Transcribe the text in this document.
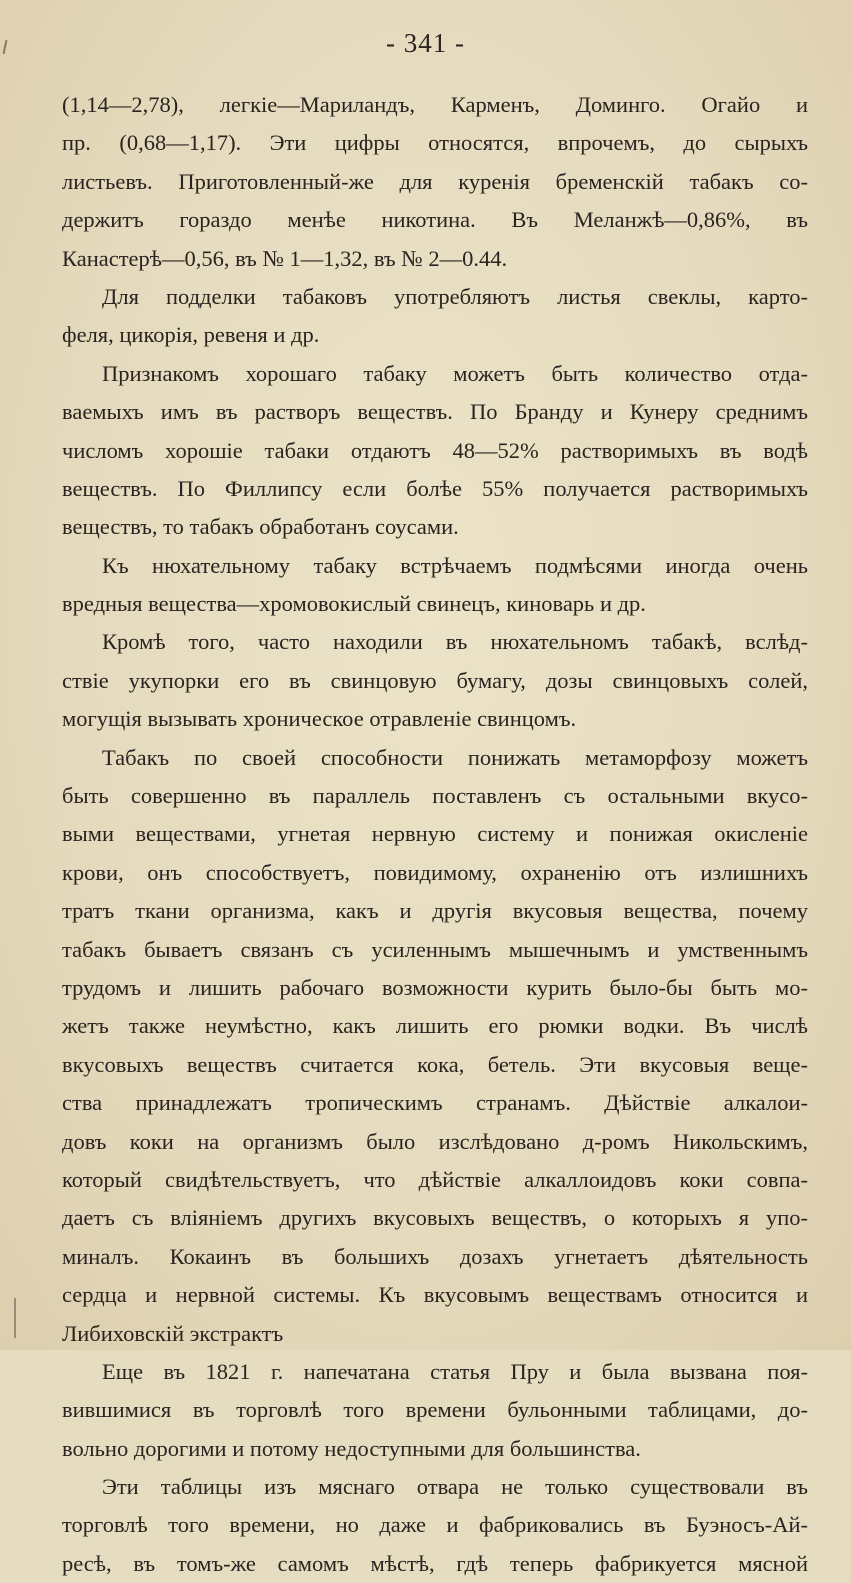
- 341 -
(1,14—2,78), легкіе—Мариландъ, Карменъ, Доминго. Огайо и
пр. (0,68—1,17). Эти цифры относятся, впрочемъ, до сырыхъ
листьевъ. Приготовленный-же для куренія бременскій табакъ со-
держитъ гораздо менѣе никотина. Въ Меланжѣ—0,86%, въ
Канастерѣ—0,56, въ № 1—1,32, въ № 2—0.44.
Для подделки табаковъ употребляютъ листья свеклы, карто-
феля, цикорія, ревеня и др.
Признакомъ хорошаго табаку можетъ быть количество отда-
ваемыхъ имъ въ растворъ веществъ. По Бранду и Кунеру среднимъ
числомъ хорошіе табаки отдаютъ 48—52% растворимыхъ въ водѣ
веществъ. По Филлипсу если болѣе 55% получается растворимыхъ
веществъ, то табакъ обработанъ соусами.
Къ нюхательному табаку встрѣчаемъ подмѣсями иногда очень
вредныя вещества—хромовокислый свинецъ, киноварь и др.
Кромѣ того, часто находили въ нюхательномъ табакѣ, вслѣд-
ствіе укупорки его въ свинцовую бумагу, дозы свинцовыхъ солей,
могущія вызывать хроническое отравленіе свинцомъ.
Табакъ по своей способности понижать метаморфозу можетъ
быть совершенно въ параллель поставленъ съ остальными вкусо-
выми веществами, угнетая нервную систему и понижая окисленіе
крови, онъ способствуетъ, повидимому, охраненію отъ излишнихъ
тратъ ткани организма, какъ и другія вкусовыя вещества, почему
табакъ бываетъ связанъ съ усиленнымъ мышечнымъ и умственнымъ
трудомъ и лишить рабочаго возможности курить было-бы быть мо-
жетъ также неумѣстно, какъ лишить его рюмки водки. Въ числѣ
вкусовыхъ веществъ считается кока, бетель. Эти вкусовыя веще-
ства принадлежатъ тропическимъ странамъ. Дѣйствіе алкалои-
довъ коки на организмъ было изслѣдовано д-ромъ Никольскимъ,
который свидѣтельствуетъ, что дѣйствіе алкаллоидовъ коки совпа-
даетъ съ вліяніемъ другихъ вкусовыхъ веществъ, о которыхъ я упо-
миналъ. Кокаинъ въ большихъ дозахъ угнетаетъ дѣятельность
сердца и нервной системы. Къ вкусовымъ веществамъ относится и
Либиховскій экстрактъ
Еще въ 1821 г. напечатана статья Пру и была вызвана поя-
вившимися въ торговлѣ того времени бульонными таблицами, до-
вольно дорогими и потому недоступными для большинства.
Эти таблицы изъ мяснаго отвара не только существовали въ
торговлѣ того времени, но даже и фабриковались въ Буэносъ-Ай-
ресѣ, въ томъ-же самомъ мѣстѣ, гдѣ теперь фабрикуется мясной
